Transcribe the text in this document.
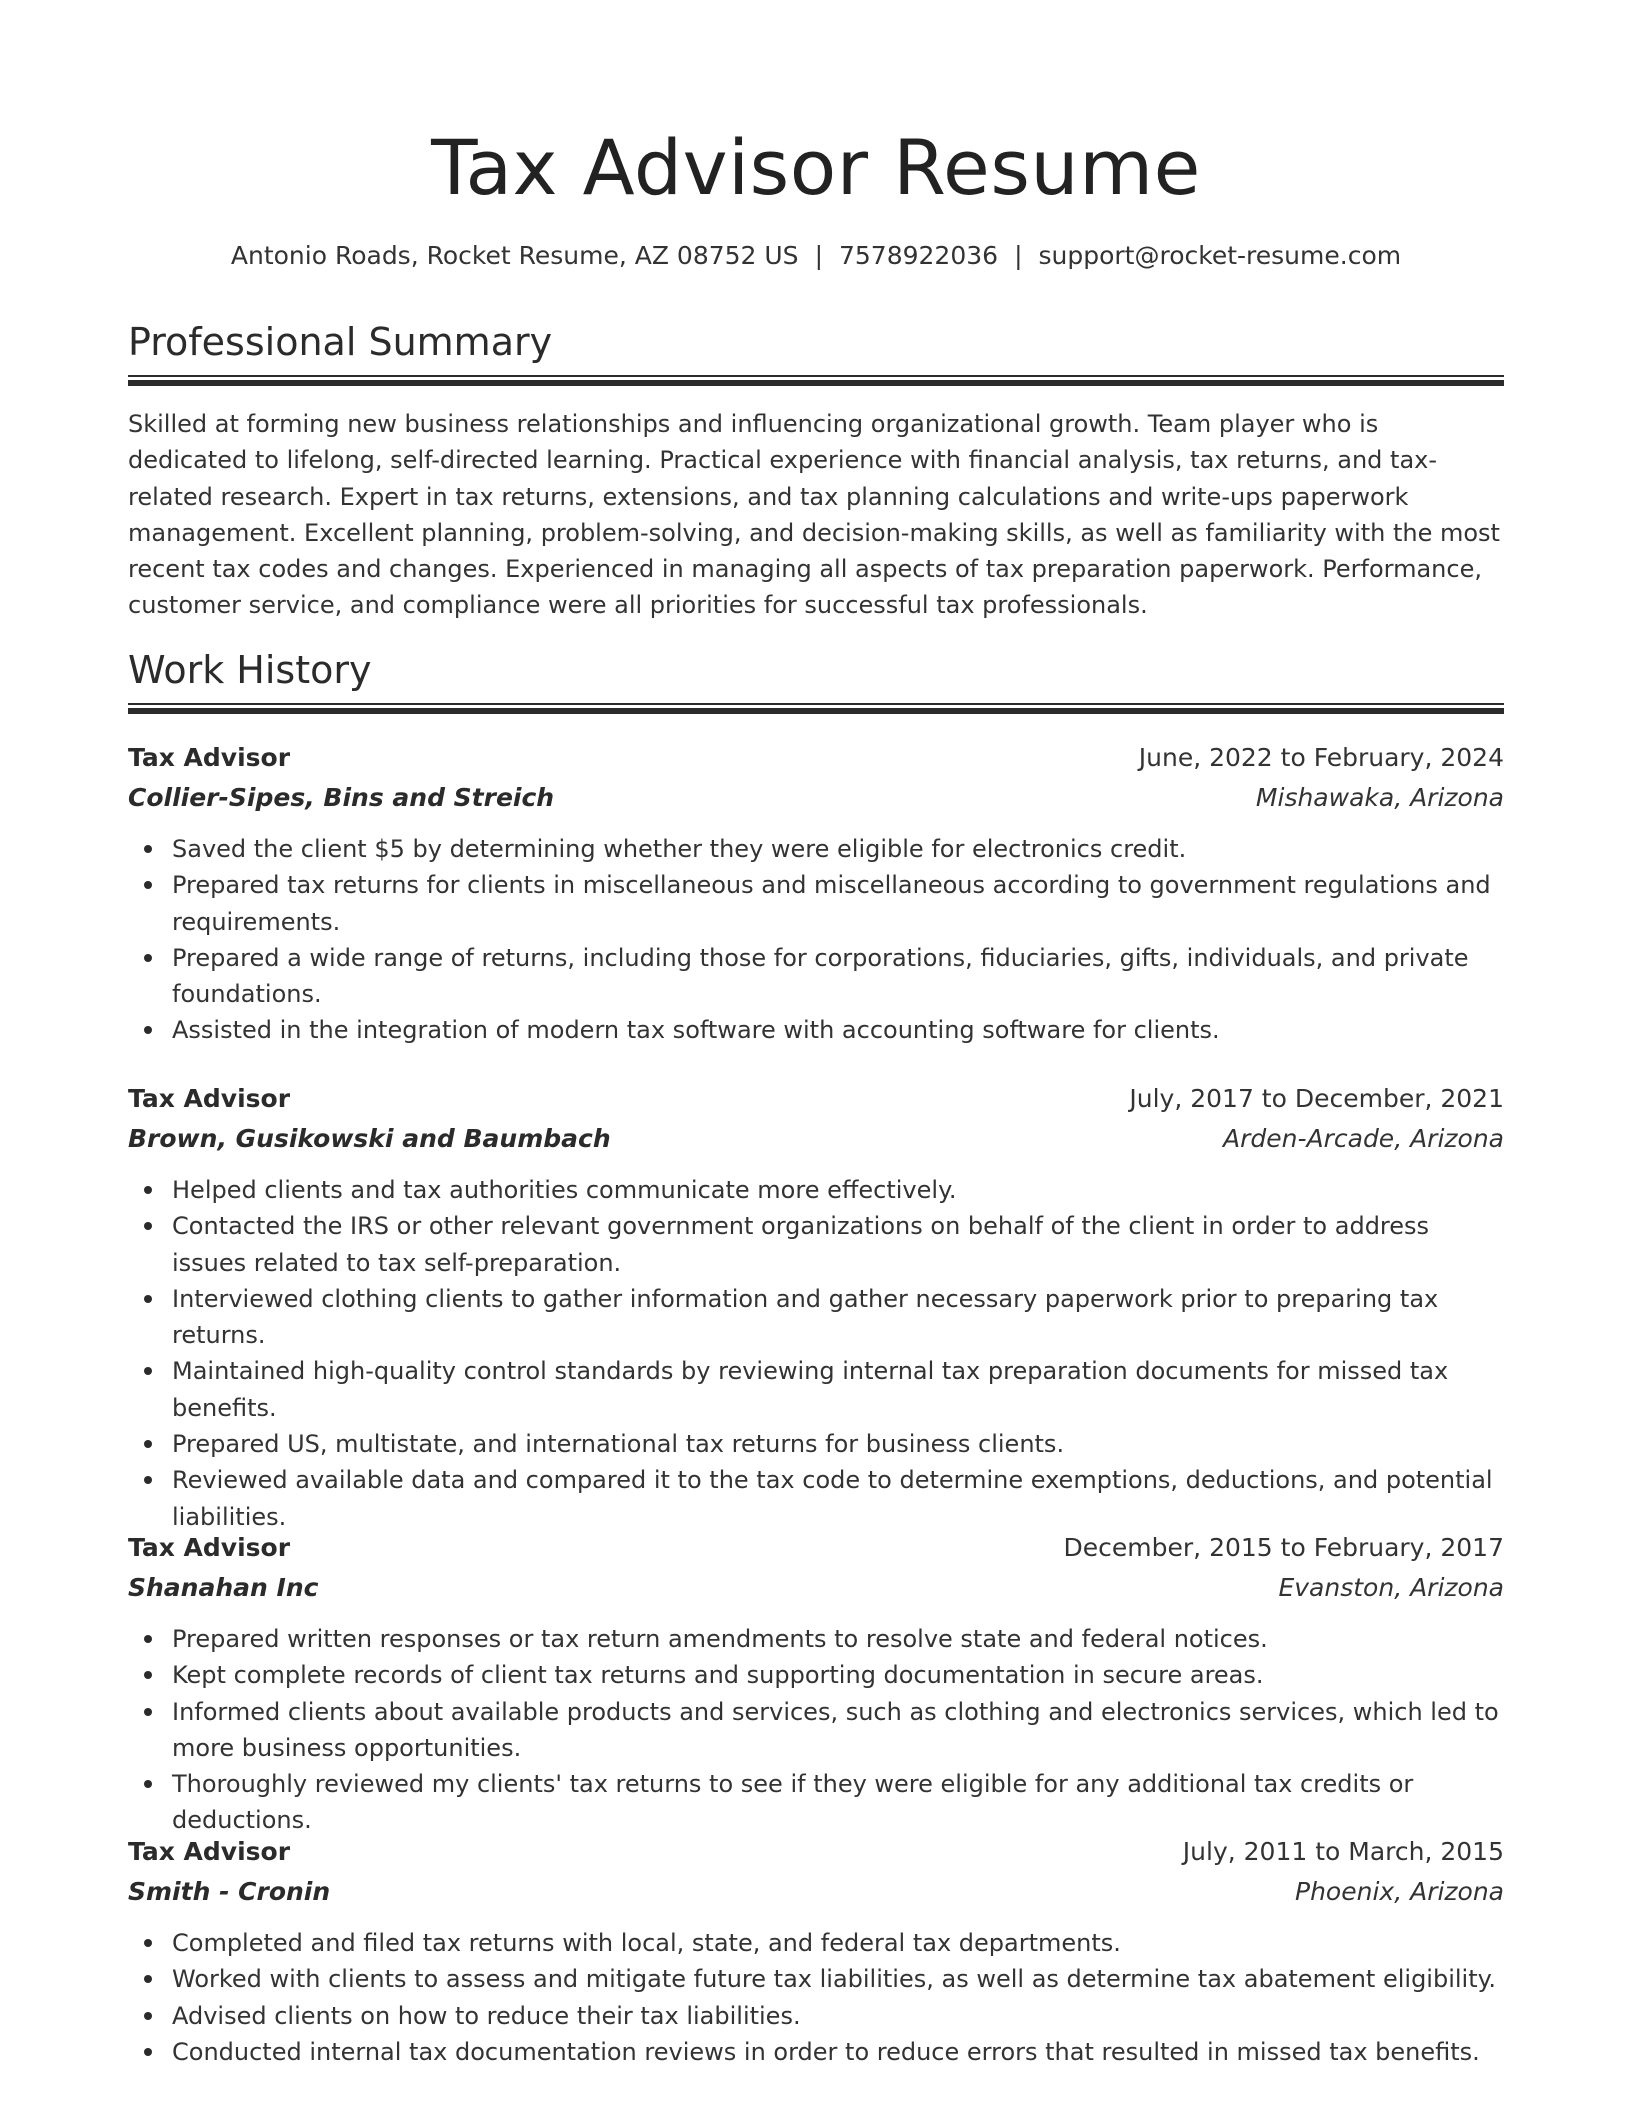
Tax Advisor Resume
Antonio Roads, Rocket Resume, AZ 08752 US | 7578922036 | support@rocket-resume.com
Professional Summary
Skilled at forming new business relationships and influencing organizational growth. Team player who is dedicated to lifelong, self-directed learning. Practical experience with financial analysis, tax returns, and tax-related research. Expert in tax returns, extensions, and tax planning calculations and write-ups paperwork management. Excellent planning, problem-solving, and decision-making skills, as well as familiarity with the most recent tax codes and changes. Experienced in managing all aspects of tax preparation paperwork. Performance, customer service, and compliance were all priorities for successful tax professionals.
Work History
Tax Advisor	June, 2022 to February, 2024
Collier-Sipes, Bins and Streich	Mishawaka, Arizona
Saved the client $5 by determining whether they were eligible for electronics credit.
Prepared tax returns for clients in miscellaneous and miscellaneous according to government regulations and requirements.
Prepared a wide range of returns, including those for corporations, fiduciaries, gifts, individuals, and private foundations.
Assisted in the integration of modern tax software with accounting software for clients.
Tax Advisor	July, 2017 to December, 2021
Brown, Gusikowski and Baumbach	Arden-Arcade, Arizona
Helped clients and tax authorities communicate more effectively.
Contacted the IRS or other relevant government organizations on behalf of the client in order to address issues related to tax self-preparation.
Interviewed clothing clients to gather information and gather necessary paperwork prior to preparing tax returns.
Maintained high-quality control standards by reviewing internal tax preparation documents for missed tax benefits.
Prepared US, multistate, and international tax returns for business clients.
Reviewed available data and compared it to the tax code to determine exemptions, deductions, and potential liabilities.
Tax Advisor	December, 2015 to February, 2017
Shanahan Inc	Evanston, Arizona
Prepared written responses or tax return amendments to resolve state and federal notices.
Kept complete records of client tax returns and supporting documentation in secure areas.
Informed clients about available products and services, such as clothing and electronics services, which led to more business opportunities.
Thoroughly reviewed my clients' tax returns to see if they were eligible for any additional tax credits or deductions.
Tax Advisor	July, 2011 to March, 2015
Smith - Cronin	Phoenix, Arizona
Completed and filed tax returns with local, state, and federal tax departments.
Worked with clients to assess and mitigate future tax liabilities, as well as determine tax abatement eligibility.
Advised clients on how to reduce their tax liabilities.
Conducted internal tax documentation reviews in order to reduce errors that resulted in missed tax benefits.
